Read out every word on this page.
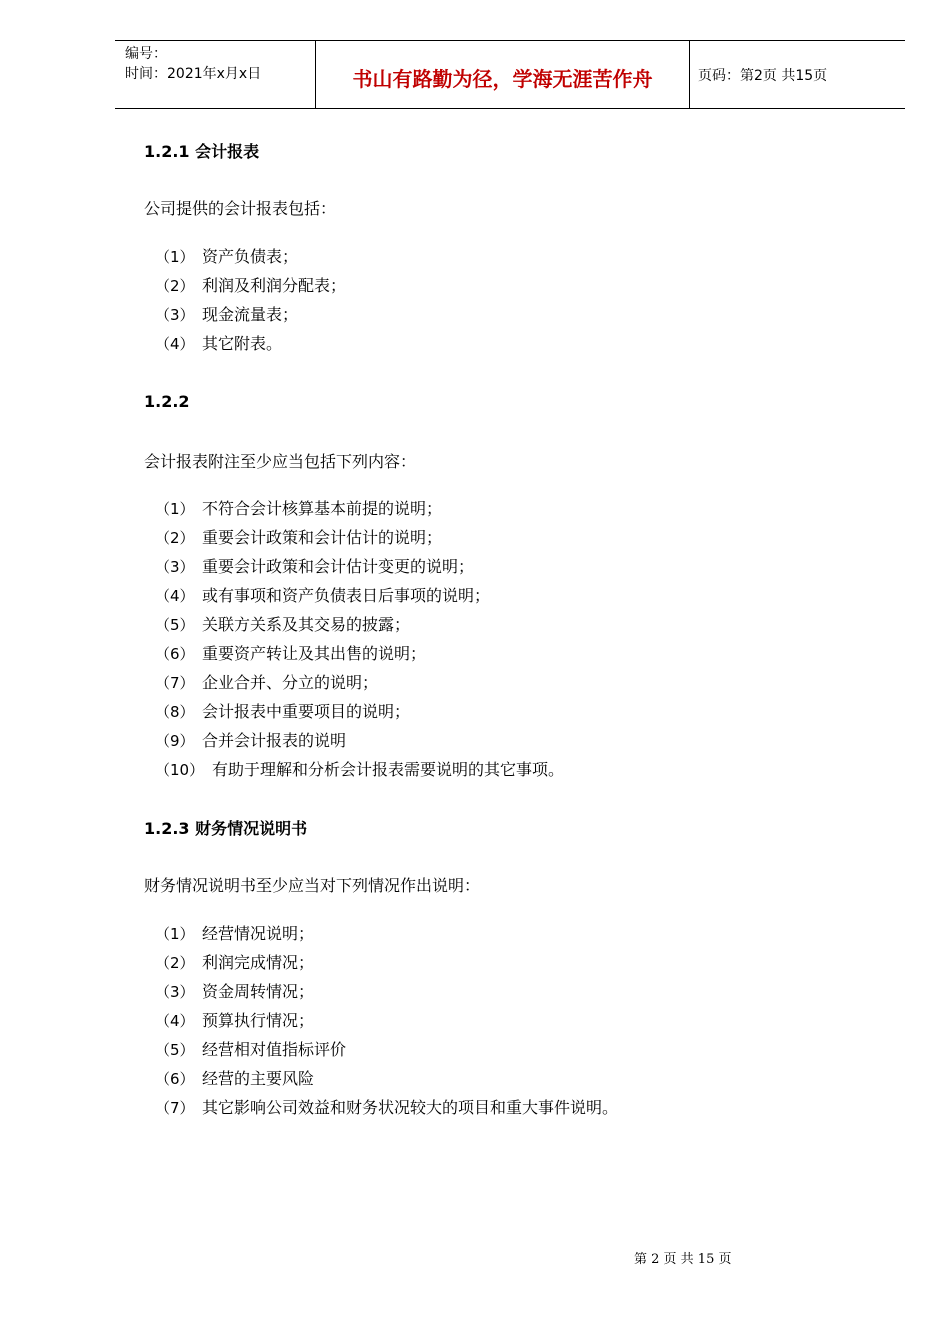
编号：
时间：2021年x月x日	书山有路勤为径，学海无涯苦作舟	页码：第2页 共15页
1.2.1 会计报表
公司提供的会计报表包括：
（1） 资产负债表；
（2） 利润及利润分配表；
（3） 现金流量表；
（4） 其它附表。
1.2.2
会计报表附注至少应当包括下列内容：
（1） 不符合会计核算基本前提的说明；
（2） 重要会计政策和会计估计的说明；
（3） 重要会计政策和会计估计变更的说明；
（4） 或有事项和资产负债表日后事项的说明；
（5） 关联方关系及其交易的披露；
（6） 重要资产转让及其出售的说明；
（7） 企业合并、分立的说明；
（8） 会计报表中重要项目的说明；
（9） 合并会计报表的说明
（10） 有助于理解和分析会计报表需要说明的其它事项。
1.2.3 财务情况说明书
财务情况说明书至少应当对下列情况作出说明：
（1） 经营情况说明；
（2） 利润完成情况；
（3） 资金周转情况；
（4） 预算执行情况；
（5） 经营相对值指标评价
（6） 经营的主要风险
（7） 其它影响公司效益和财务状况较大的项目和重大事件说明。
第 2 页 共 15 页
